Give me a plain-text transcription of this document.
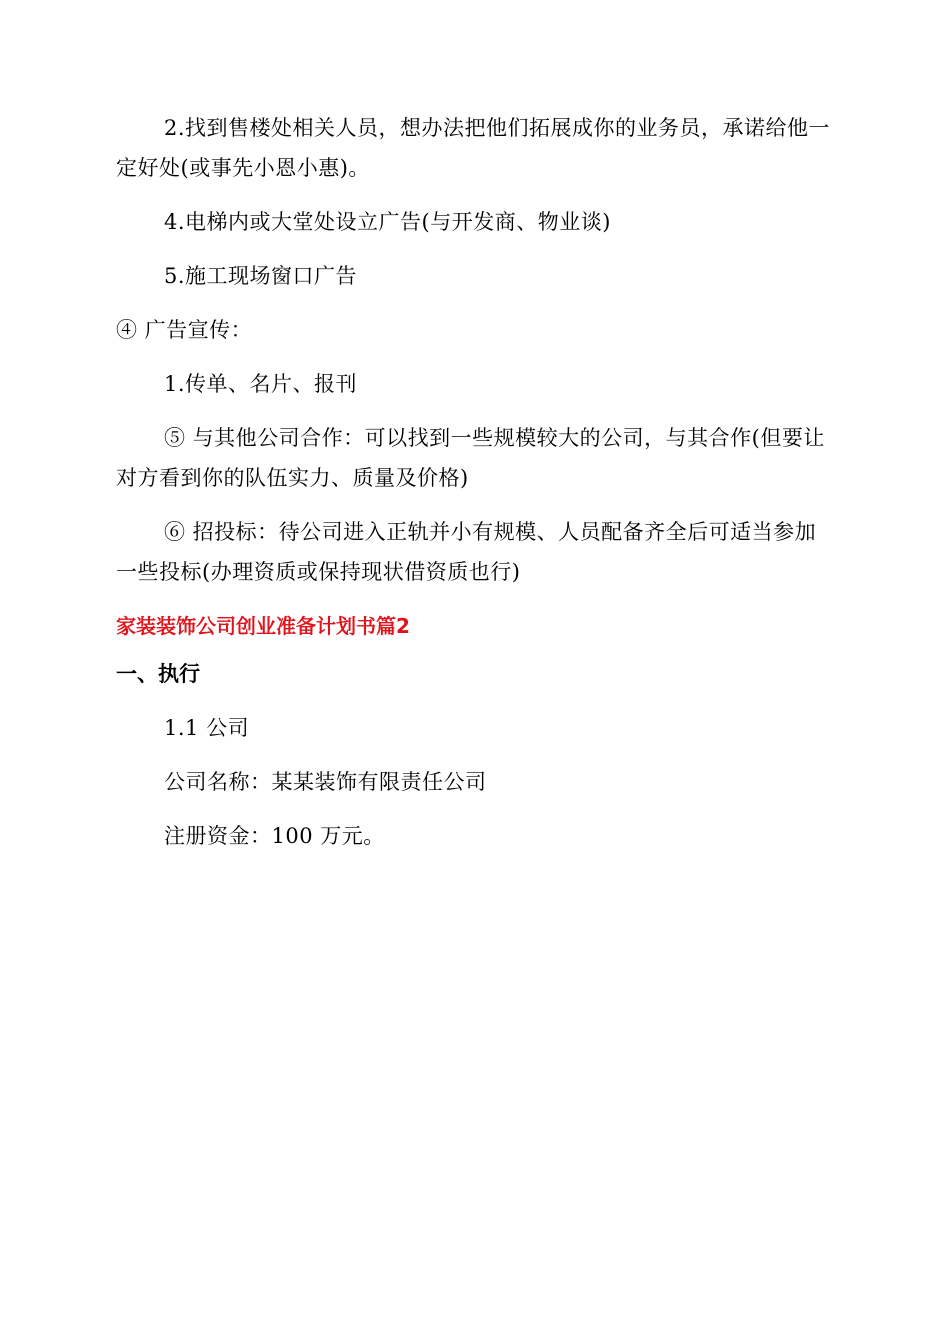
2.找到售楼处相关人员，想办法把他们拓展成你的业务员，承诺给他一定好处(或事先小恩小惠)。

4.电梯内或大堂处设立广告(与开发商、物业谈)

5.施工现场窗口广告

④ 广告宣传：

1.传单、名片、报刊

⑤ 与其他公司合作：可以找到一些规模较大的公司，与其合作(但要让对方看到你的队伍实力、质量及价格)

⑥ 招投标：待公司进入正轨并小有规模、人员配备齐全后可适当参加一些投标(办理资质或保持现状借资质也行)

家装装饰公司创业准备计划书篇2

一、执行

1.1 公司

公司名称：某某装饰有限责任公司

注册资金：100 万元。
